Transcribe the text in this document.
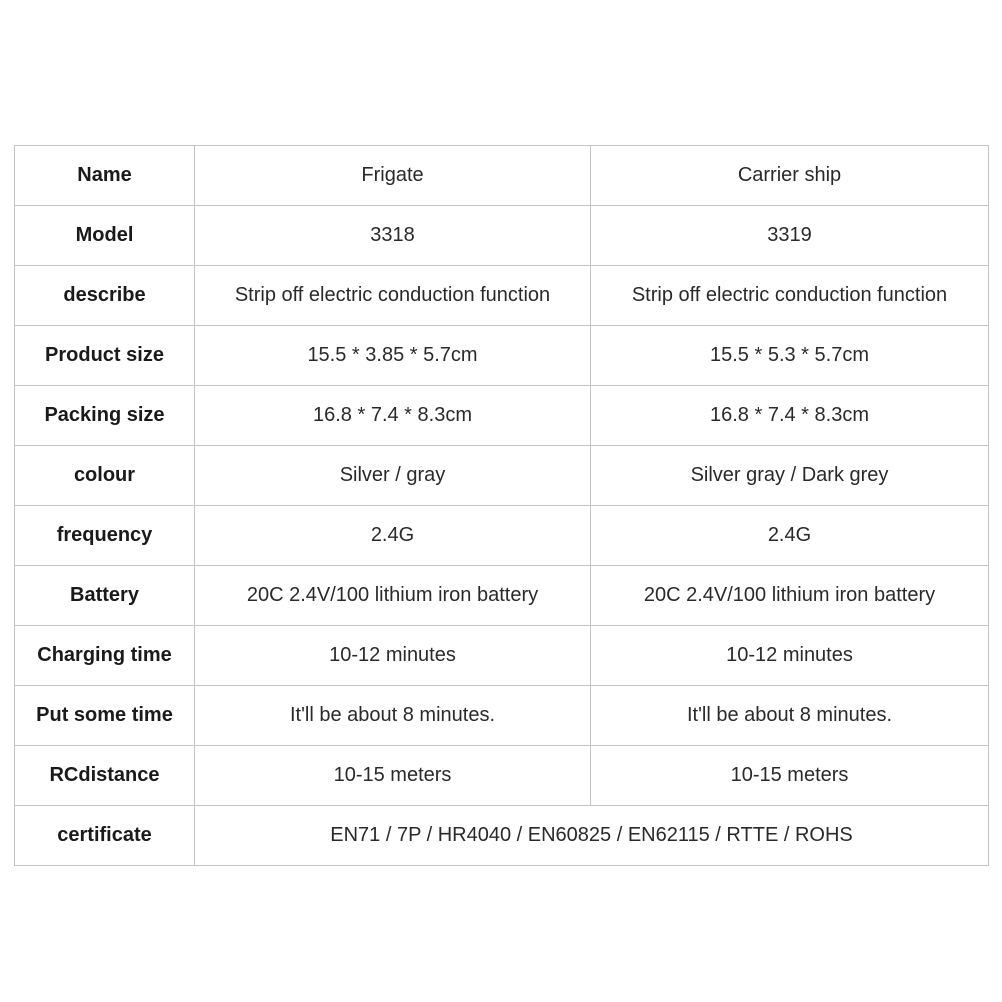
Name	Frigate	Carrier ship
Model	3318	3319
describe	Strip off electric conduction function	Strip off electric conduction function
Product size	15.5 * 3.85 * 5.7cm	15.5 * 5.3 * 5.7cm
Packing size	16.8 * 7.4 * 8.3cm	16.8 * 7.4 * 8.3cm
colour	Silver / gray	Silver gray / Dark grey
frequency	2.4G	2.4G
Battery	20C 2.4V/100 lithium iron battery	20C 2.4V/100 lithium iron battery
Charging time	10-12 minutes	10-12 minutes
Put some time	It'll be about 8 minutes.	It'll be about 8 minutes.
RCdistance	10-15 meters	10-15 meters
certificate	EN71 / 7P / HR4040 / EN60825 / EN62115 / RTTE / ROHS	
